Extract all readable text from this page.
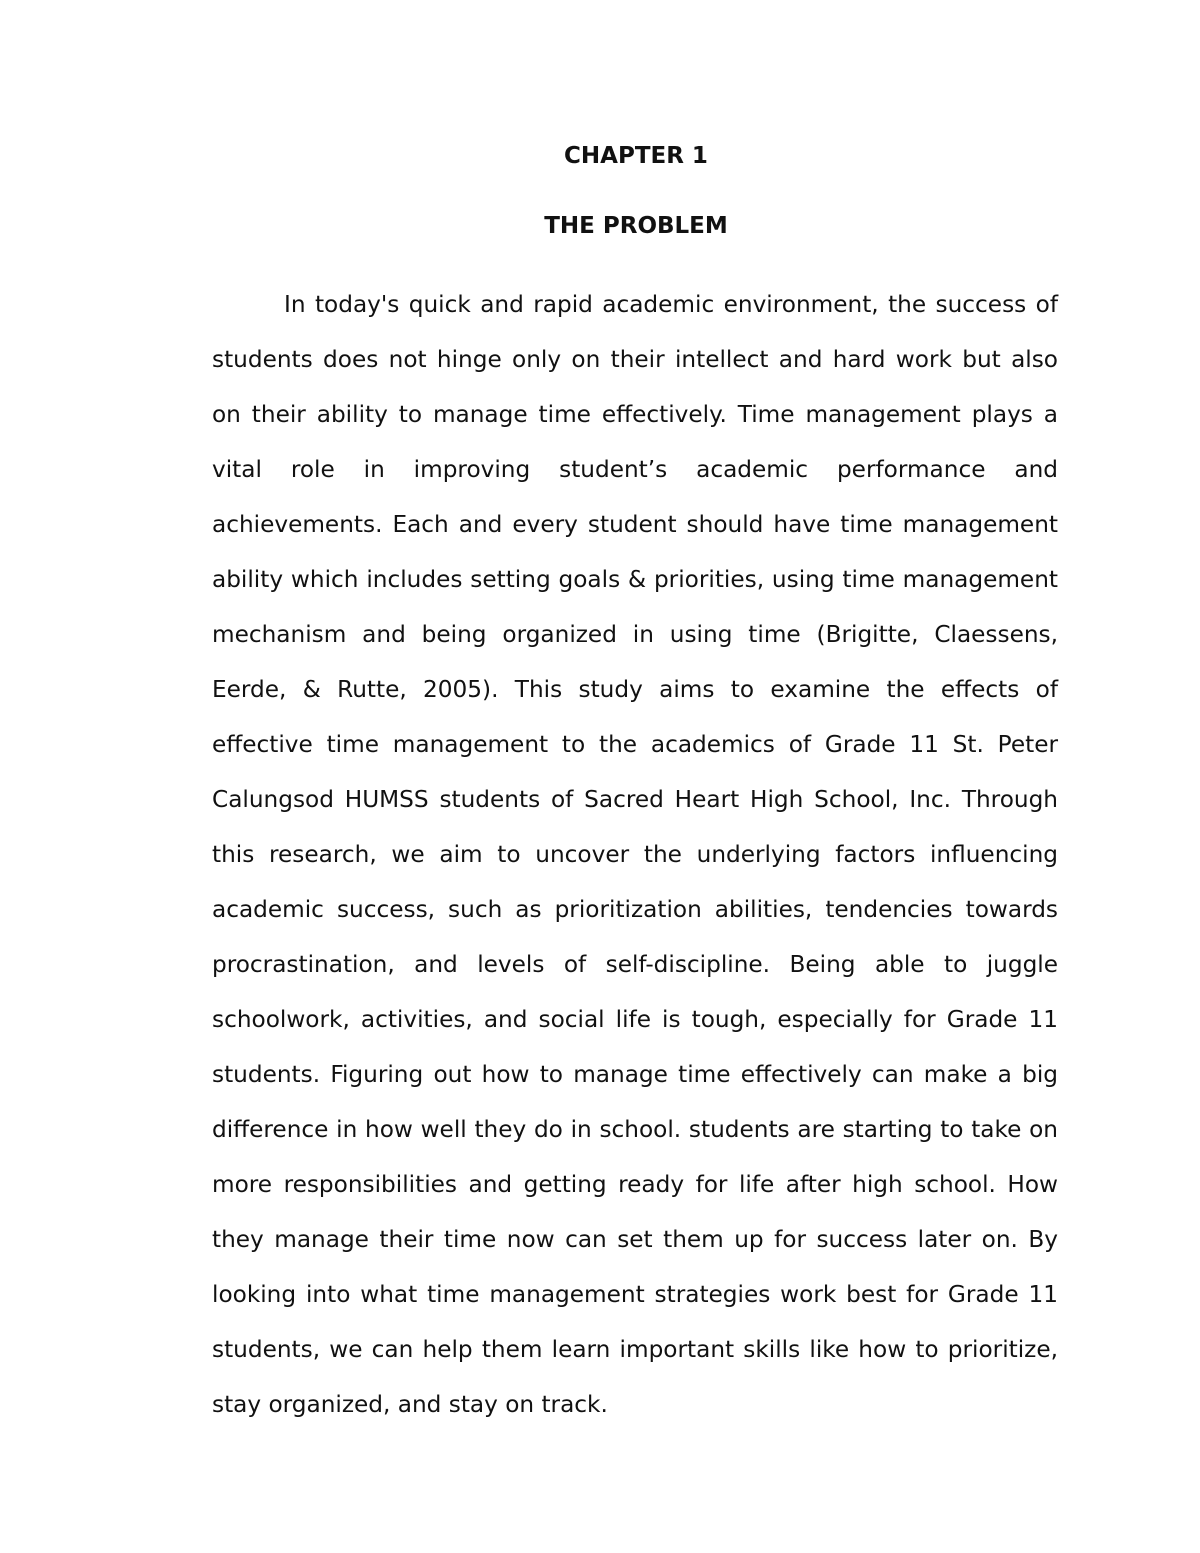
CHAPTER 1
THE PROBLEM

In today's quick and rapid academic environment, the success of students does not hinge only on their intellect and hard work but also on their ability to manage time effectively. Time management plays a vital role in improving student’s academic performance and achievements. Each and every student should have time management ability which includes setting goals & priorities, using time management mechanism and being organized in using time (Brigitte, Claessens, Eerde, & Rutte, 2005). This study aims to examine the effects of effective time management to the academics of Grade 11 St. Peter Calungsod HUMSS students of Sacred Heart High School, Inc. Through this research, we aim to uncover the underlying factors influencing academic success, such as prioritization abilities, tendencies towards procrastination, and levels of self-discipline. Being able to juggle schoolwork, activities, and social life is tough, especially for Grade 11 students. Figuring out how to manage time effectively can make a big difference in how well they do in school. students are starting to take on more responsibilities and getting ready for life after high school. How they manage their time now can set them up for success later on. By looking into what time management strategies work best for Grade 11 students, we can help them learn important skills like how to prioritize, stay organized, and stay on track.
